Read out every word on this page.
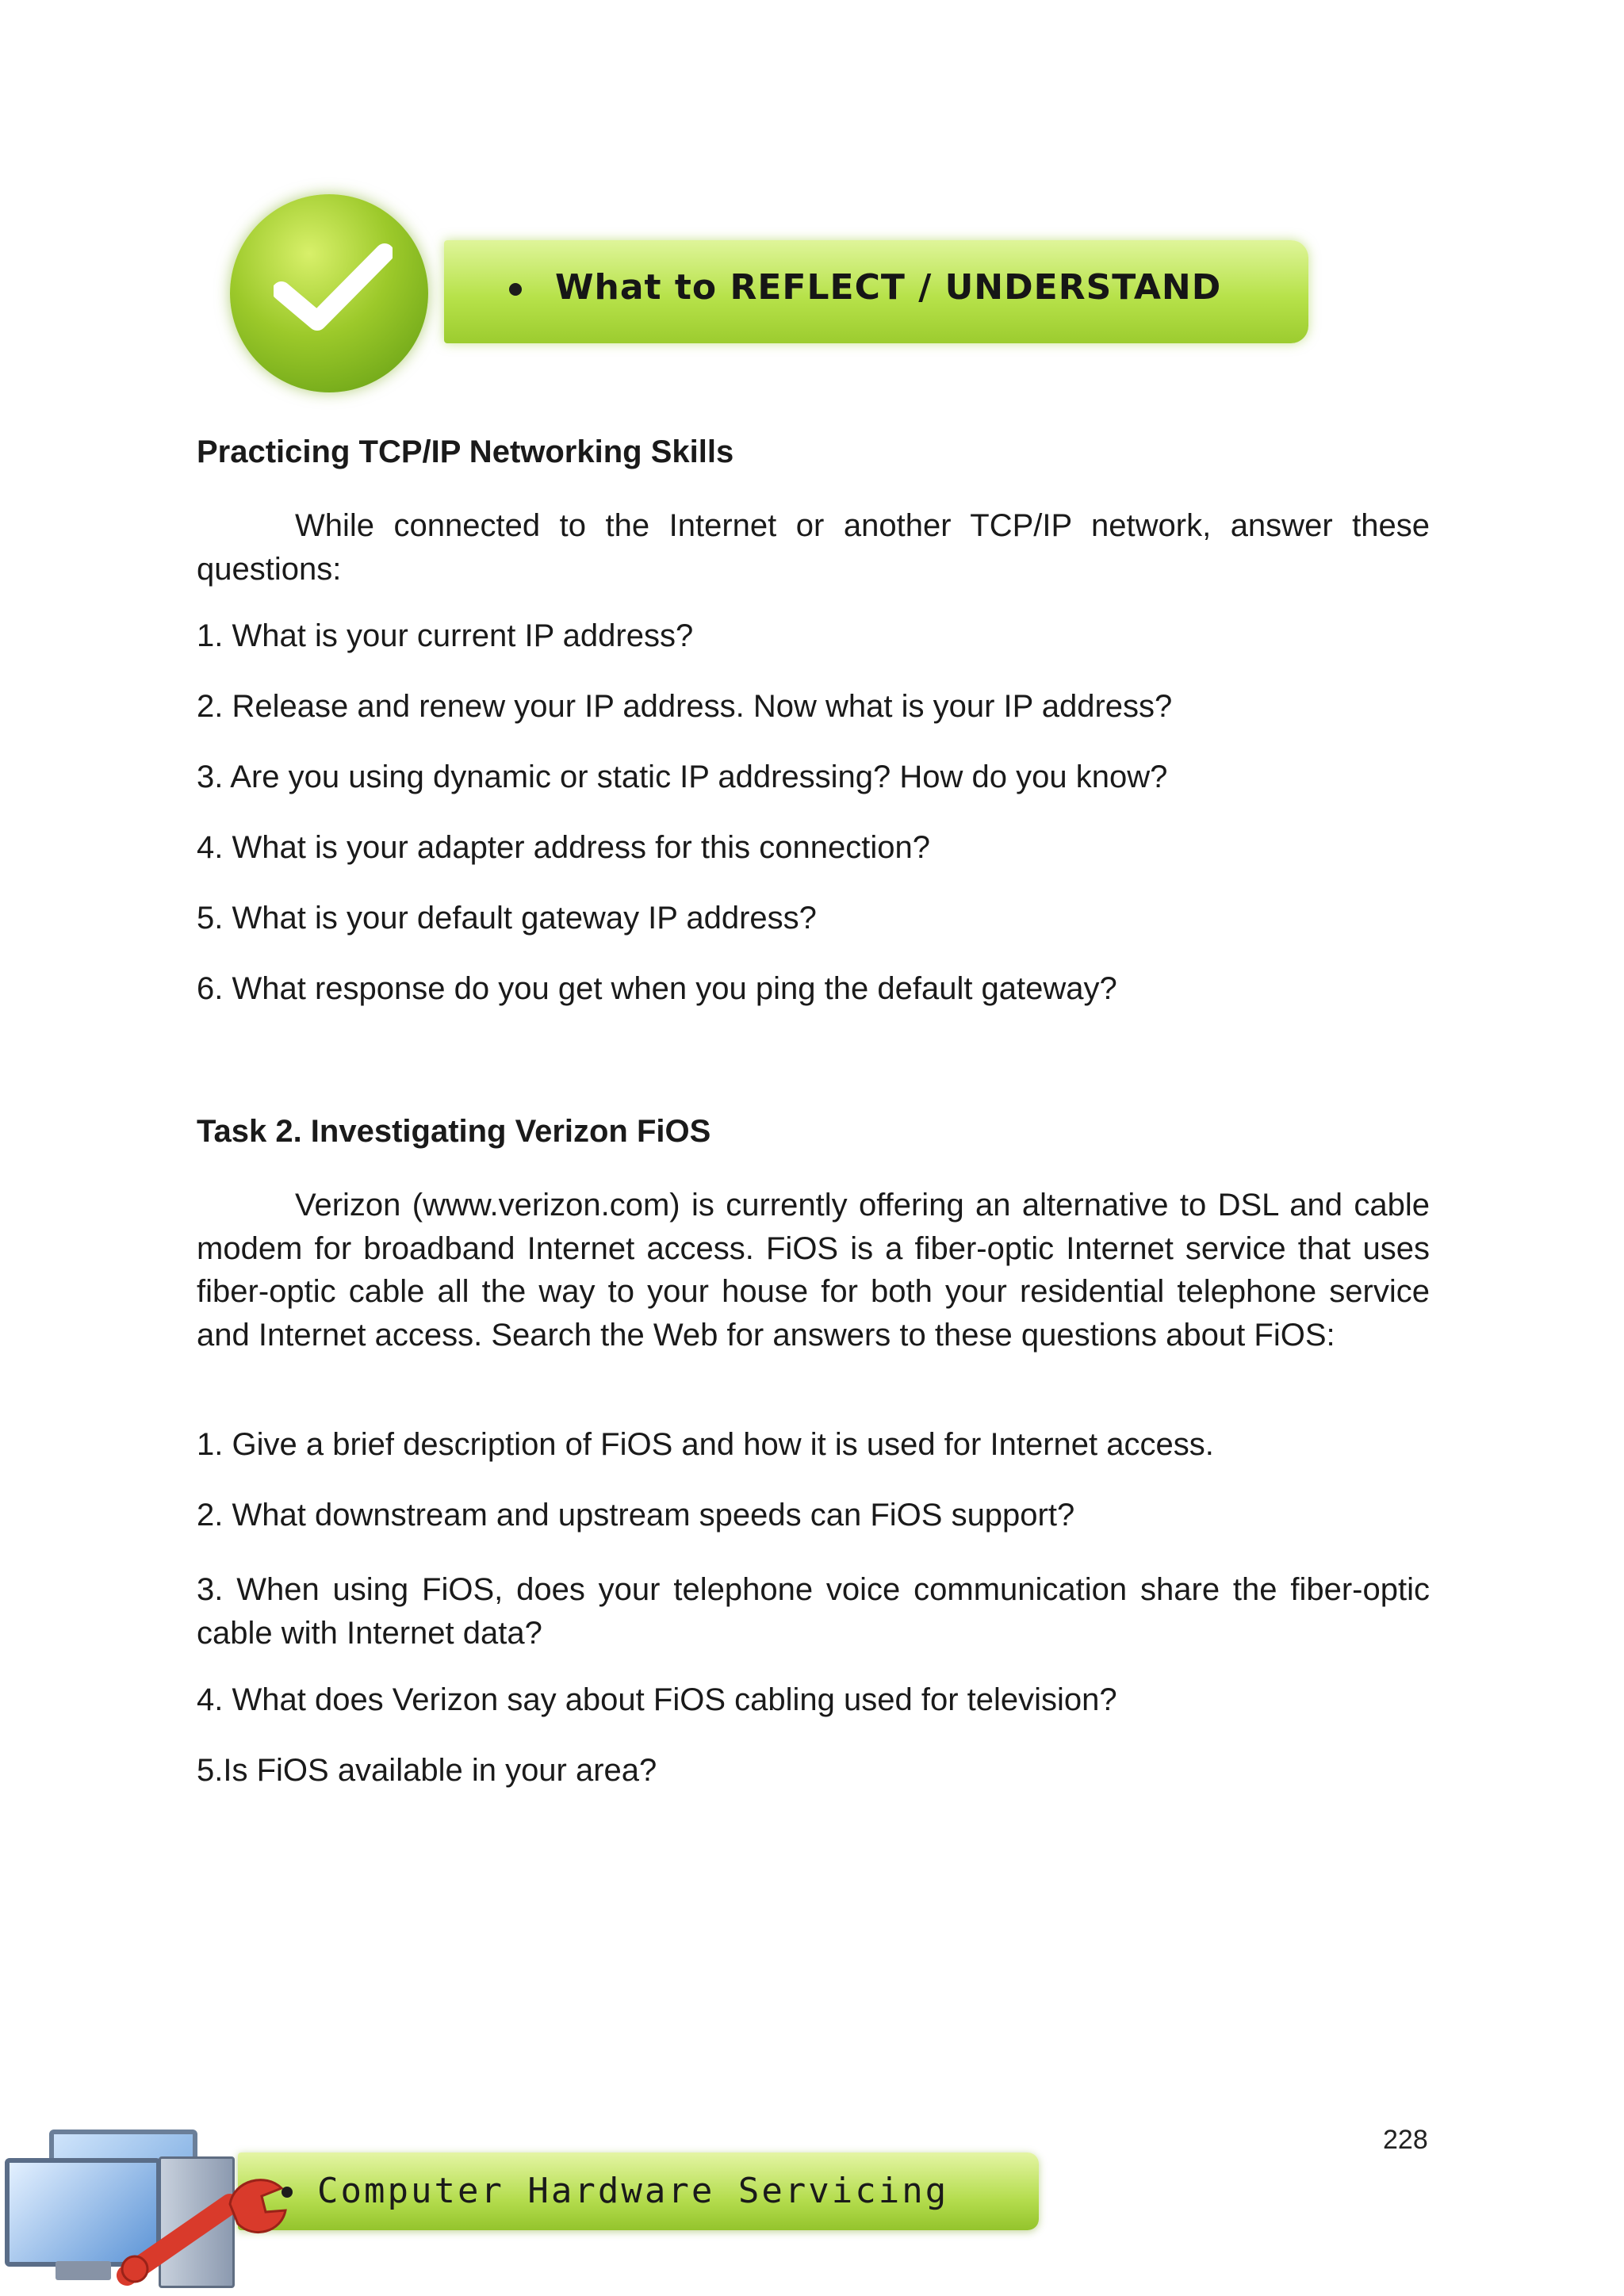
What to REFLECT / UNDERSTAND
Practicing TCP/IP Networking Skills
While connected to the Internet or another TCP/IP network, answer these questions:
1. What is your current IP address?
2. Release and renew your IP address. Now what is your IP address?
3. Are you using dynamic or static IP addressing? How do you know?
4. What is your adapter address for this connection?
5. What is your default gateway IP address?
6. What response do you get when you ping the default gateway?
Task 2. Investigating Verizon FiOS
Verizon (www.verizon.com) is currently offering an alternative to DSL and cable modem for broadband Internet access. FiOS is a fiber-optic Internet service that uses fiber-optic cable all the way to your house for both your residential telephone service and Internet access. Search the Web for answers to these questions about FiOS:
1. Give a brief description of FiOS and how it is used for Internet access.
2. What downstream and upstream speeds can FiOS support?
3. When using FiOS, does your telephone voice communication share the fiber-optic cable with Internet data?
4. What does Verizon say about FiOS cabling used for television?
5.Is FiOS available in your area?
228
Computer Hardware Servicing
